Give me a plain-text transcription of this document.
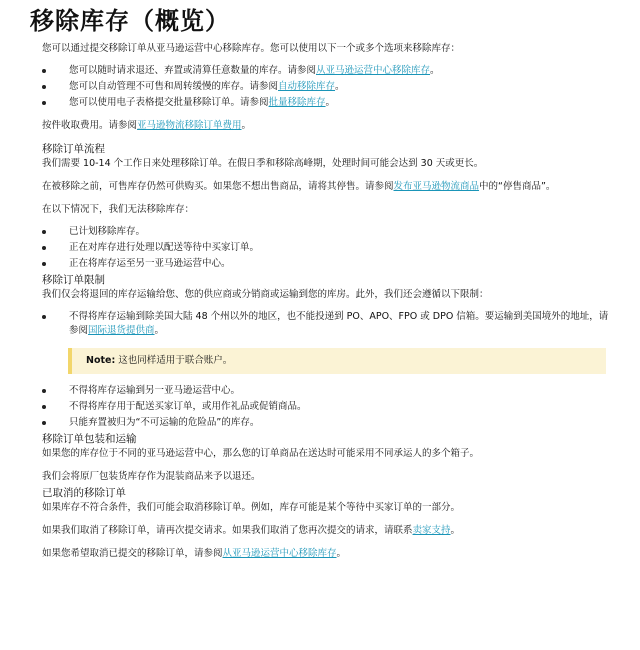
移除库存（概览）

您可以通过提交移除订单从亚马逊运营中心移除库存。您可以使用以下一个或多个选项来移除库存：

您可以随时请求退还、弃置或清算任意数量的库存。请参阅从亚马逊运营中心移除库存。
您可以自动管理不可售和周转缓慢的库存。请参阅自动移除库存。
您可以使用电子表格提交批量移除订单。请参阅批量移除库存。

按件收取费用。请参阅亚马逊物流移除订单费用。

移除订单流程

我们需要 10-14 个工作日来处理移除订单。在假日季和移除高峰期，处理时间可能会达到 30 天或更长。

在被移除之前，可售库存仍然可供购买。如果您不想出售商品，请将其停售。请参阅发布亚马逊物流商品中的“停售商品”。

在以下情况下，我们无法移除库存：

已计划移除库存。
正在对库存进行处理以配送等待中买家订单。
正在将库存运至另一亚马逊运营中心。
移除订单限制

我们仅会将退回的库存运输给您、您的供应商或分销商或运输到您的库房。此外，我们还会遵循以下限制：

不得将库存运输到除美国大陆 48 个州以外的地区，也不能投递到 PO、APO、FPO 或 DPO 信箱。要运输到美国境外的地址，请参阅国际退货提供商。
Note: 这也同样适用于联合账户。
不得将库存运输到另一亚马逊运营中心。
不得将库存用于配送买家订单，或用作礼品或促销商品。
只能弃置被归为“不可运输的危险品”的库存。
移除订单包装和运输

如果您的库存位于不同的亚马逊运营中心，那么您的订单商品在送达时可能采用不同承运人的多个箱子。

我们会将原厂包装货库存作为混装商品来予以退还。

已取消的移除订单

如果库存不符合条件，我们可能会取消移除订单。例如，库存可能是某个等待中买家订单的一部分。

如果我们取消了移除订单，请再次提交请求。如果我们取消了您再次提交的请求，请联系卖家支持。

如果您希望取消已提交的移除订单，请参阅从亚马逊运营中心移除库存。
